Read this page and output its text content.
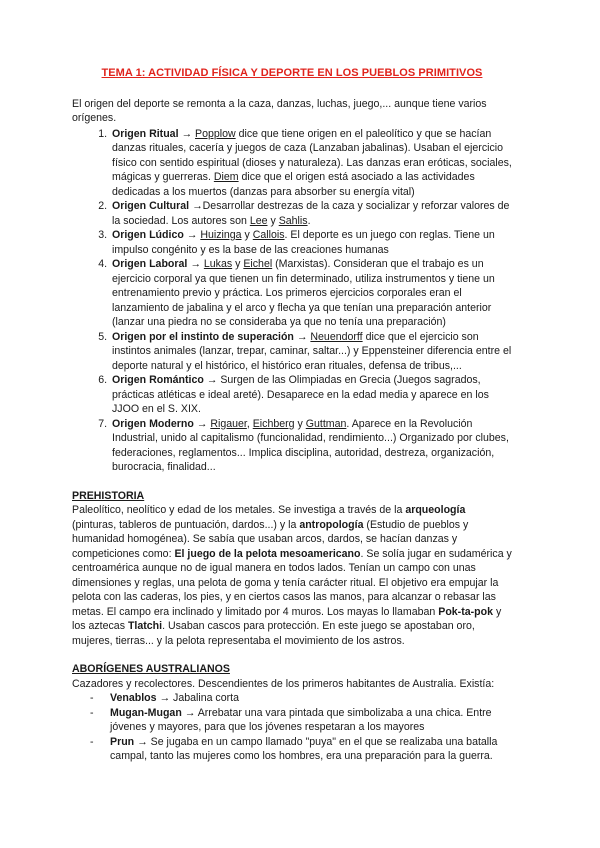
TEMA 1: ACTIVIDAD FÍSICA Y DEPORTE EN LOS PUEBLOS PRIMITIVOS

El origen del deporte se remonta a la caza, danzas, luchas, juego,... aunque tiene varios orígenes.

1. Origen Ritual → Popplow dice que tiene origen en el paleolítico y que se hacían danzas rituales, cacería y juegos de caza (Lanzaban jabalinas). Usaban el ejercicio físico con sentido espiritual (dioses y naturaleza). Las danzas eran eróticas, sociales, mágicas y guerreras. Diem dice que el origen está asociado a las actividades dedicadas a los muertos (danzas para absorber su energía vital)
2. Origen Cultural →Desarrollar destrezas de la caza y socializar y reforzar valores de la sociedad. Los autores son Lee y Sahlis.
3. Origen Lúdico → Huizinga y Callois. El deporte es un juego con reglas. Tiene un impulso congénito y es la base de las creaciones humanas
4. Origen Laboral → Lukas y Eichel (Marxistas). Consideran que el trabajo es un ejercicio corporal ya que tienen un fin determinado, utiliza instrumentos y tiene un entrenamiento previo y práctica. Los primeros ejercicios corporales eran el lanzamiento de jabalina y el arco y flecha ya que tenían una preparación anterior (lanzar una piedra no se consideraba ya que no tenía una preparación)
5. Origen por el instinto de superación → Neuendorff dice que el ejercicio son instintos animales (lanzar, trepar, caminar, saltar...) y Eppensteiner diferencia entre el deporte natural y el histórico, el histórico eran rituales, defensa de tribus,...
6. Origen Romántico → Surgen de las Olimpiadas en Grecia (Juegos sagrados, prácticas atléticas e ideal areté). Desaparece en la edad media y aparece en los JJOO en el S. XIX.
7. Origen Moderno → Rigauer, Eichberg y Guttman. Aparece en la Revolución Industrial, unido al capitalismo (funcionalidad, rendimiento...) Organizado por clubes, federaciones, reglamentos... Implica disciplina, autoridad, destreza, organización, burocracia, finalidad...
PREHISTORIA

Paleolítico, neolítico y edad de los metales. Se investiga a través de la arqueología (pinturas, tableros de puntuación, dardos...) y la antropología (Estudio de pueblos y humanidad homogénea). Se sabía que usaban arcos, dardos, se hacían danzas y competiciones como: El juego de la pelota mesoamericano. Se solía jugar en sudamérica y centroamérica aunque no de igual manera en todos lados. Tenían un campo con unas dimensiones y reglas, una pelota de goma y tenía carácter ritual. El objetivo era empujar la pelota con las caderas, los pies, y en ciertos casos las manos, para alcanzar o rebasar las metas. El campo era inclinado y limitado por 4 muros. Los mayas lo llamaban Pok-ta-pok y los aztecas Tlatchi. Usaban cascos para protección. En este juego se apostaban oro, mujeres, tierras... y la pelota representaba el movimiento de los astros.

ABORÍGENES AUSTRALIANOS

Cazadores y recolectores. Descendientes de los primeros habitantes de Australia. Existía:

- Venablos → Jabalina corta
- Mugan-Mugan → Arrebatar una vara pintada que simbolizaba a una chica. Entre jóvenes y mayores, para que los jóvenes respetaran a los mayores
- Prun → Se jugaba en un campo llamado "puya" en el que se realizaba una batalla campal, tanto las mujeres como los hombres, era una preparación para la guerra.
